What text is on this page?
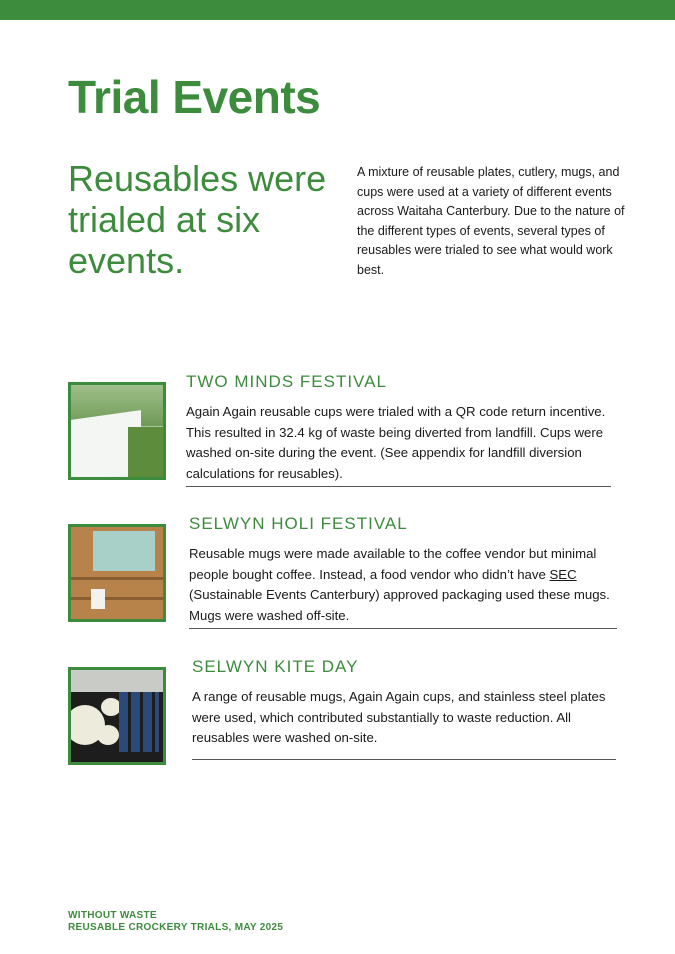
Trial Events
Reusables were trialed at six events.
A mixture of reusable plates, cutlery, mugs, and cups were used at a variety of different events across Waitaha Canterbury. Due to the nature of the different types of events, several types of reusables were trialed to see what would work best.
TWO MINDS FESTIVAL
Again Again reusable cups were trialed with a QR code return incentive. This resulted in 32.4 kg of waste being diverted from landfill. Cups were washed on-site during the event. (See appendix for landfill diversion calculations for reusables).
SELWYN HOLI FESTIVAL
Reusable mugs were made available to the coffee vendor but minimal people bought coffee. Instead, a food vendor who didn’t have SEC (Sustainable Events Canterbury) approved packaging used these mugs. Mugs were washed off-site.
SELWYN KITE DAY
A range of reusable mugs, Again Again cups, and stainless steel plates were used, which contributed substantially to waste reduction. All reusables were washed on-site.
WITHOUT WASTE
REUSABLE CROCKERY TRIALS, MAY 2025
